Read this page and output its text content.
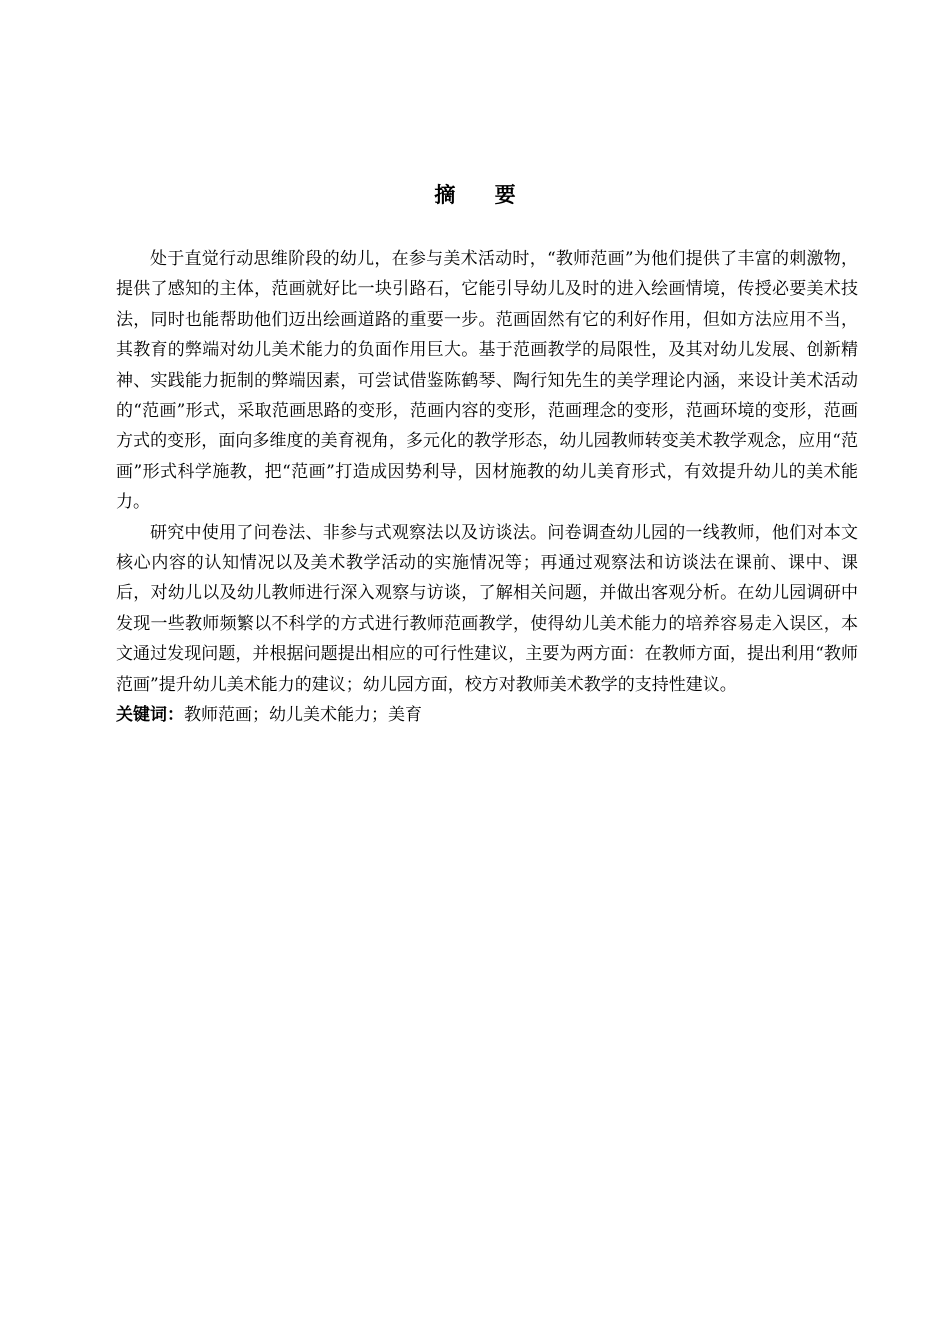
摘 要

处于直觉行动思维阶段的幼儿，在参与美术活动时，“教师范画”为他们提供了丰富的刺激物，提供了感知的主体，范画就好比一块引路石，它能引导幼儿及时的进入绘画情境，传授必要美术技法，同时也能帮助他们迈出绘画道路的重要一步。范画固然有它的利好作用，但如方法应用不当，其教育的弊端对幼儿美术能力的负面作用巨大。基于范画教学的局限性，及其对幼儿发展、创新精神、实践能力扼制的弊端因素，可尝试借鉴陈鹤琴、陶行知先生的美学理论内涵，来设计美术活动的“范画”形式，采取范画思路的变形，范画内容的变形，范画理念的变形，范画环境的变形，范画方式的变形，面向多维度的美育视角，多元化的教学形态，幼儿园教师转变美术教学观念，应用“范画”形式科学施教，把“范画”打造成因势利导，因材施教的幼儿美育形式，有效提升幼儿的美术能力。

研究中使用了问卷法、非参与式观察法以及访谈法。问卷调查幼儿园的一线教师，他们对本文核心内容的认知情况以及美术教学活动的实施情况等；再通过观察法和访谈法在课前、课中、课后，对幼儿以及幼儿教师进行深入观察与访谈，了解相关问题，并做出客观分析。在幼儿园调研中发现一些教师频繁以不科学的方式进行教师范画教学，使得幼儿美术能力的培养容易走入误区，本文通过发现问题，并根据问题提出相应的可行性建议，主要为两方面：在教师方面，提出利用“教师范画”提升幼儿美术能力的建议；幼儿园方面，校方对教师美术教学的支持性建议。

关键词：教师范画；幼儿美术能力；美育
